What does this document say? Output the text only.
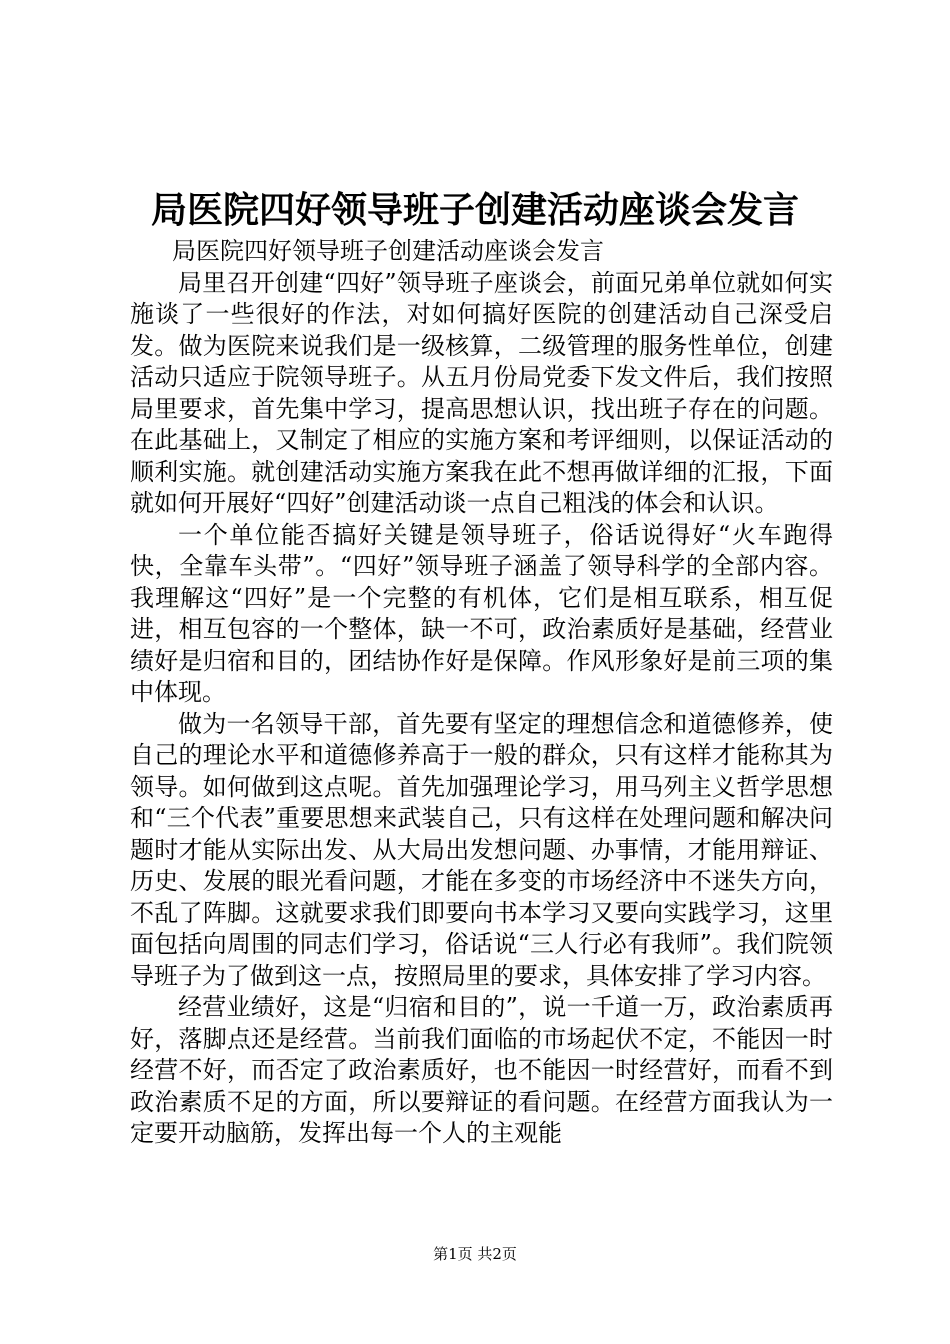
局医院四好领导班子创建活动座谈会发言

局医院四好领导班子创建活动座谈会发言

局里召开创建“四好”领导班子座谈会，前面兄弟单位就如何实施谈了一些很好的作法，对如何搞好医院的创建活动自己深受启发。做为医院来说我们是一级核算，二级管理的服务性单位，创建活动只适应于院领导班子。从五月份局党委下发文件后，我们按照局里要求，首先集中学习，提高思想认识，找出班子存在的问题。在此基础上，又制定了相应的实施方案和考评细则，以保证活动的顺利实施。就创建活动实施方案我在此不想再做详细的汇报，下面就如何开展好“四好”创建活动谈一点自己粗浅的体会和认识。

一个单位能否搞好关键是领导班子，俗话说得好“火车跑得快，全靠车头带”。“四好”领导班子涵盖了领导科学的全部内容。我理解这“四好”是一个完整的有机体，它们是相互联系，相互促进，相互包容的一个整体，缺一不可，政治素质好是基础，经营业绩好是归宿和目的，团结协作好是保障。作风形象好是前三项的集中体现。

做为一名领导干部，首先要有坚定的理想信念和道德修养，使自己的理论水平和道德修养高于一般的群众，只有这样才能称其为领导。如何做到这点呢。首先加强理论学习，用马列主义哲学思想和“三个代表”重要思想来武装自己，只有这样在处理问题和解决问题时才能从实际出发、从大局出发想问题、办事情，才能用辩证、历史、发展的眼光看问题，才能在多变的市场经济中不迷失方向，不乱了阵脚。这就要求我们即要向书本学习又要向实践学习，这里面包括向周围的同志们学习，俗话说“三人行必有我师”。我们院领导班子为了做到这一点，按照局里的要求，具体安排了学习内容。

经营业绩好，这是“归宿和目的”，说一千道一万，政治素质再好，落脚点还是经营。当前我们面临的市场起伏不定，不能因一时经营不好，而否定了政治素质好，也不能因一时经营好，而看不到政治素质不足的方面，所以要辩证的看问题。在经营方面我认为一定要开动脑筋，发挥出每一个人的主观能

第1页 共2页
